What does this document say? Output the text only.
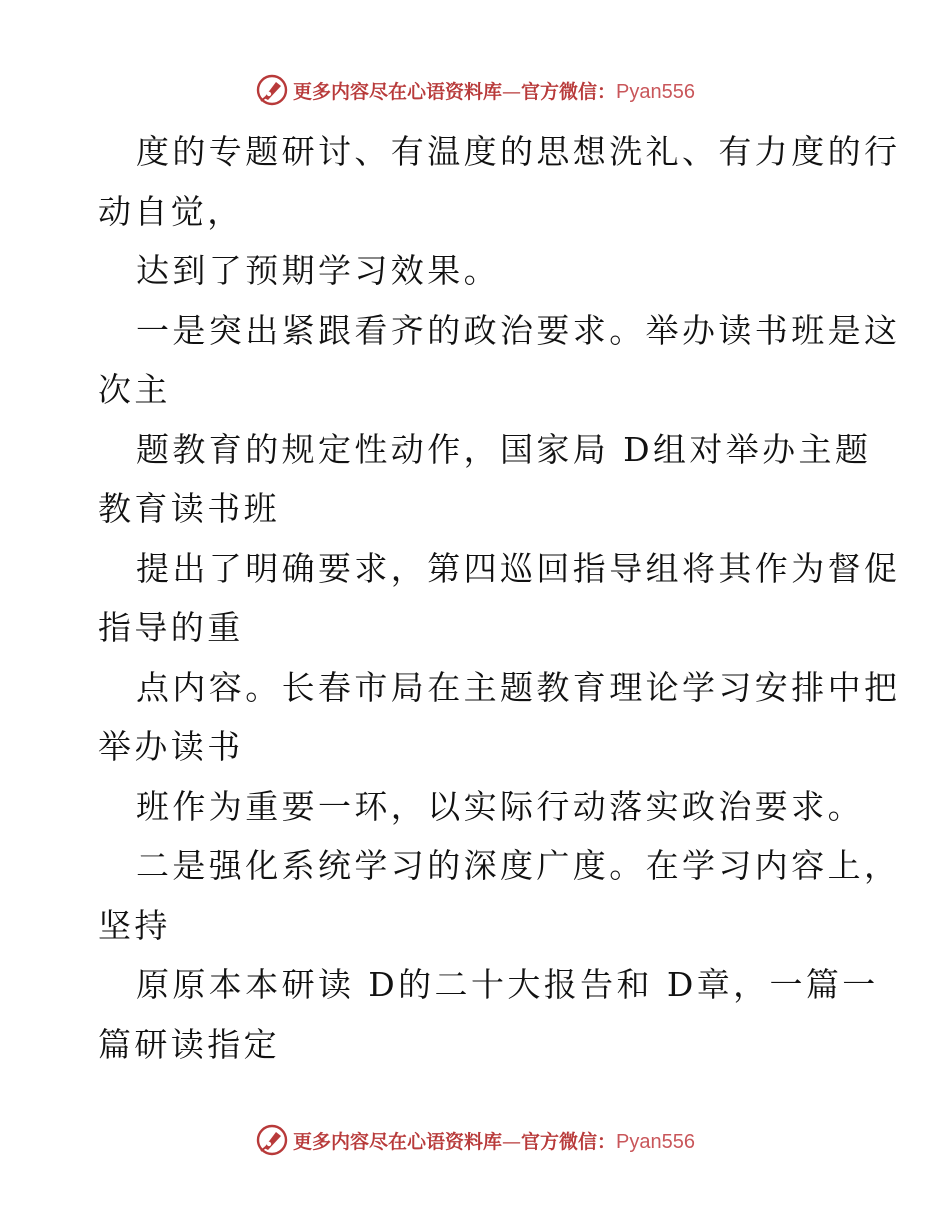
更多内容尽在心语资料库—官方微信：Pyan556
度的专题研讨、有温度的思想洗礼、有力度的行
动自觉，
达到了预期学习效果。
一是突出紧跟看齐的政治要求。举办读书班是这
次主
题教育的规定性动作，国家局 D组对举办主题
教育读书班
提出了明确要求，第四巡回指导组将其作为督促
指导的重
点内容。长春市局在主题教育理论学习安排中把
举办读书
班作为重要一环，以实际行动落实政治要求。
二是强化系统学习的深度广度。在学习内容上，
坚持
原原本本研读 D的二十大报告和 D章，一篇一
篇研读指定
更多内容尽在心语资料库—官方微信：Pyan556
